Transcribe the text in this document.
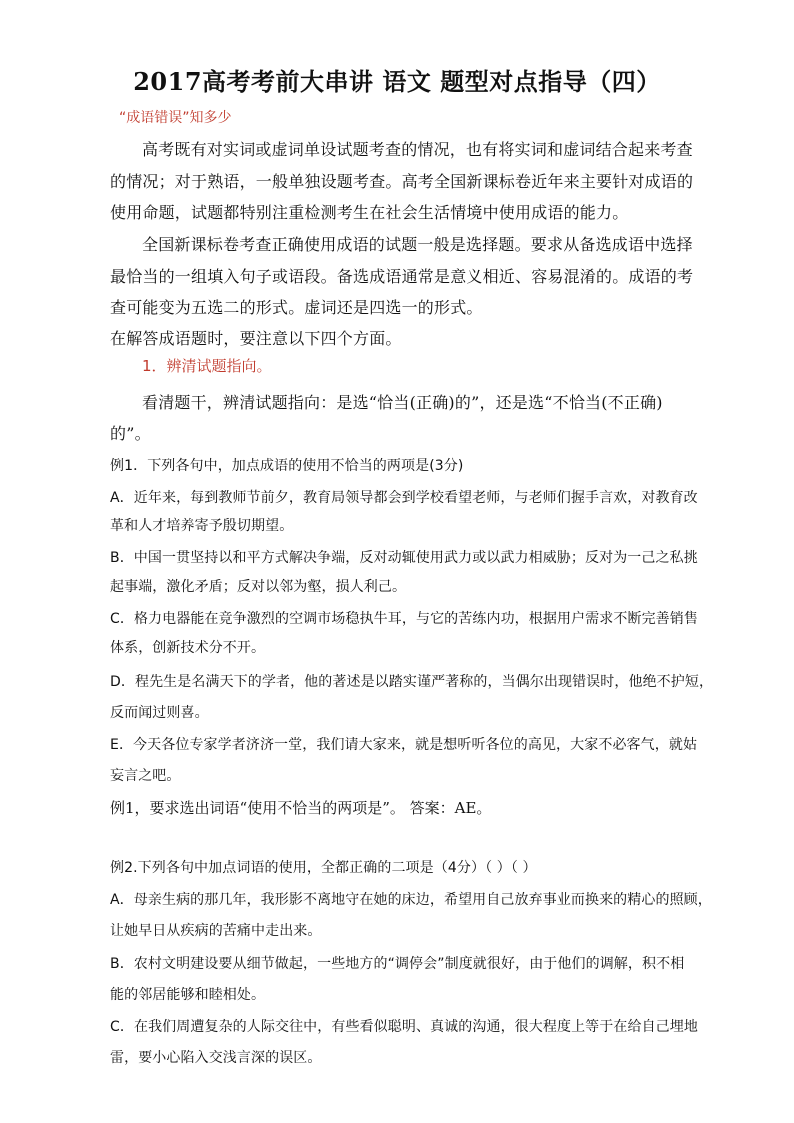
2017高考考前大串讲 语文 题型对点指导（四）
“成语错误”知多少
高考既有对实词或虚词单设试题考查的情况，也有将实词和虚词结合起来考查
的情况；对于熟语，一般单独设题考查。高考全国新课标卷近年来主要针对成语的
使用命题，试题都特别注重检测考生在社会生活情境中使用成语的能力。
全国新课标卷考查正确使用成语的试题一般是选择题。要求从备选成语中选择
最恰当的一组填入句子或语段。备选成语通常是意义相近、容易混淆的。成语的考
查可能变为五选二的形式。虚词还是四选一的形式。
在解答成语题时，要注意以下四个方面。
1．辨清试题指向。
看清题干，辨清试题指向：是选“恰当(正确)的”，还是选“不恰当(不正确)
的”。
例1．下列各句中，加点成语的使用不恰当的两项是(3分)
A．近年来，每到教师节前夕，教育局领导都会到学校看望老师，与老师们握手言欢，对教育改
革和人才培养寄予殷切期望。
B．中国一贯坚持以和平方式解决争端，反对动辄使用武力或以武力相威胁；反对为一己之私挑
起事端，激化矛盾；反对以邻为壑，损人利己。
C．格力电器能在竞争激烈的空调市场稳执牛耳，与它的苦练内功，根据用户需求不断完善销售
体系，创新技术分不开。
D．程先生是名满天下的学者，他的著述是以踏实谨严著称的，当偶尔出现错误时，他绝不护短，
反而闻过则喜。
E．今天各位专家学者济济一堂，我们请大家来，就是想听听各位的高见，大家不必客气，就姑
妄言之吧。
例1，要求选出词语“使用不恰当的两项是”。 答案：AE。
例2.下列各句中加点词语的使用，全都正确的二项是（4分）（ ）（ ）
A．母亲生病的那几年，我形影不离地守在她的床边，希望用自己放弃事业而换来的精心的照顾，
让她早日从疾病的苦痛中走出来。
B．农村文明建设要从细节做起，一些地方的“调停会”制度就很好，由于他们的调解，积不相
能的邻居能够和睦相处。
C．在我们周遭复杂的人际交往中，有些看似聪明、真诚的沟通，很大程度上等于在给自己埋地
雷，要小心陷入交浅言深的误区。
